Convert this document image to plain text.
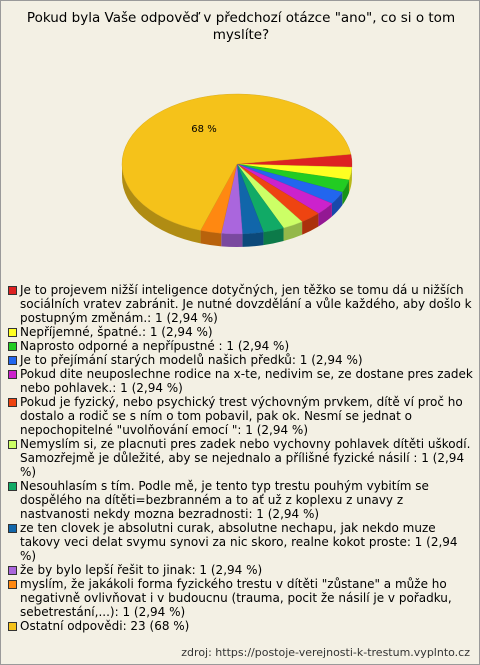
Pokud byla Vaše odpověď v předchozí otázce "ano", co si o tom myslíte?
68 %
Je to projevem nižší inteligence dotyčných, jen těžko se tomu dá u nižších sociálních vratev zabránit. Je nutné dovzdělání a vůle každého, aby došlo k postupným změnám.: 1 (2,94 %)
Nepříjemné, špatné.: 1 (2,94 %)
Naprosto odporné a nepřípustné : 1 (2,94 %)
Je to přejímání starých modelů našich předků: 1 (2,94 %)
Pokud dite neuposlechne rodice na x-te, nedivim se, ze dostane pres zadek nebo pohlavek.: 1 (2,94 %)
Pokud je fyzický, nebo psychický trest výchovným prvkem, dítě ví proč ho dostalo a rodič se s ním o tom pobavil, pak ok. Nesmí se jednat o nepochopitelné "uvolňování emocí ": 1 (2,94 %)
Nemyslím si, ze placnuti pres zadek nebo vychovny pohlavek dítěti uškodí. Samozřejmě je důležité, aby se nejednalo a přílišné fyzické násilí : 1 (2,94 %)
Nesouhlasím s tím. Podle mě, je tento typ trestu pouhým vybitím se dospělého na dítěti=bezbranném a to ať už z koplexu z unavy z nastvanosti nekdy mozna bezradnosti: 1 (2,94 %)
ze ten clovek je absolutni curak, absolutne nechapu, jak nekdo muze takovy veci delat svymu synovi za nic skoro, realne kokot proste: 1 (2,94 %)
že by bylo lepší řešit to jinak: 1 (2,94 %)
myslím, že jakákoli forma fyzického trestu v dítěti "zůstane" a může ho negativně ovlivňovat i v budoucnu (trauma, pocit že násilí je v pořadku, sebetrestání,...): 1 (2,94 %)
Ostatní odpovědi: 23 (68 %)
zdroj: https://postoje-verejnosti-k-trestum.vyplnto.cz
